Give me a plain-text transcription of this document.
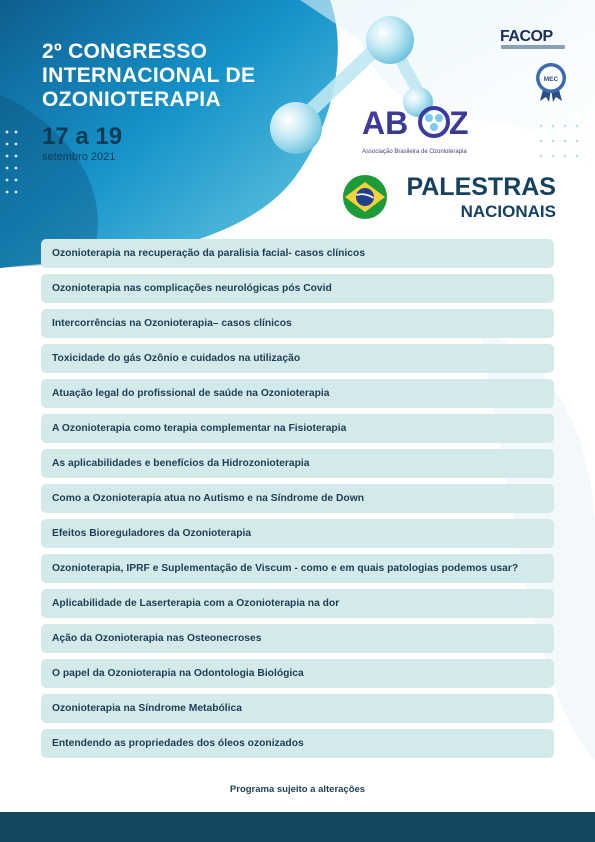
2º CONGRESSO
INTERNACIONAL DE
OZONIOTERAPIA
17 a 19
setembro 2021
FACOP
MEC
AB Z
Associação Brasileira de Ozonioterapia
PALESTRAS
NACIONAIS
Ozonioterapia na recuperação da paralisia facial- casos clínicos
Ozonioterapia nas complicações neurológicas pós Covid
Intercorrências na Ozonioterapia– casos clínicos
Toxicidade do gás Ozônio e cuidados na utilização
Atuação legal do profissional de saúde na Ozonioterapia
A Ozonioterapia como terapia complementar na Fisioterapia
As aplicabilidades e benefícios da Hidrozonioterapia
Como a Ozonioterapia atua no Autismo e na Síndrome de Down
Efeitos Bioreguladores da Ozonioterapia
Ozonioterapia, IPRF e Suplementação de Viscum - como e em quais patologias podemos usar?
Aplicabilidade de Laserterapia com a Ozonioterapia na dor
Ação da Ozonioterapia nas Osteonecroses
O papel da Ozonioterapia na Odontologia Biológica
Ozonioterapia na Síndrome Metabólica
Entendendo as propriedades dos óleos ozonizados
Programa sujeito a alterações
